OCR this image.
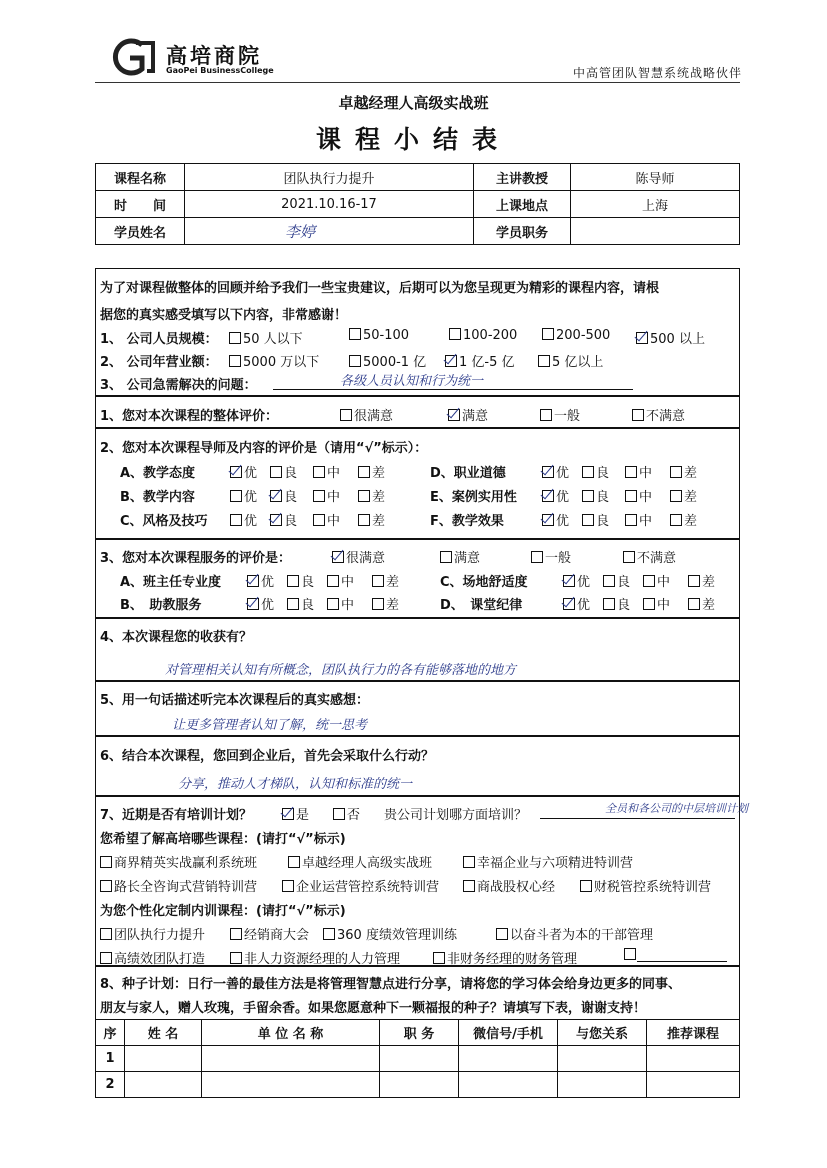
高培商院
GaoPei BusinessCollege	中高管团队智慧系统战略伙伴
卓越经理人高级实战班
课程小结表
课程名称	团队执行力提升	主讲教授	陈导师
时　　间	2021.10.16-17	上课地点	上海
学员姓名	李婷	学员职务	
为了对课程做整体的回顾并给予我们一些宝贵建议，后期可以为您呈现更为精彩的课程内容，请根
据您的真实感受填写以下内容，非常感谢！
1、 公司人员规模：	50 人以下	50-100	100-200	200-500	500 以上
2、 公司年营业额：	5000 万以下	5000-1 亿	1 亿-5 亿	5 亿以上
3、 公司急需解决的问题：	各级人员认知和行为统一
1、您对本次课程的整体评价：	很满意	满意	一般	不满意
2、您对本次课程导师及内容的评价是（请用“√”标示）：
A、教学态度	优	良	中	差
B、教学内容	优	良	中	差
C、风格及技巧	优	良	中	差
D、职业道德	优	良	中	差
E、案例实用性	优	良	中	差
F、教学效果	优	良	中	差
3、您对本次课程服务的评价是：	很满意	满意	一般	不满意
A、班主任专业度	优	良	中	差
B、　助教服务	优	良	中	差
C、场地舒适度	优	良	中	差
D、　课堂纪律	优	良	中	差
4、本次课程您的收获有？
对管理相关认知有所概念，团队执行力的各有能够落地的地方
5、用一句话描述听完本次课程后的真实感想：
让更多管理者认知了解，统一思考
6、结合本次课程，您回到企业后，首先会采取什么行动？
分享，推动人才梯队，认知和标准的统一
7、近期是否有培训计划？	是	否 贵公司计划哪方面培训？	全员和各公司的中层培训计划
您希望了解高培哪些课程：(请打“√”标示)
商界精英实战赢利系统班	卓越经理人高级实战班	幸福企业与六项精进特训营
路长全咨询式营销特训营	企业运营管控系统特训营	商战股权心经	财税管控系统特训营
为您个性化定制内训课程：(请打“√”标示)
团队执行力提升	经销商大会	360 度绩效管理训练	以奋斗者为本的干部管理
高绩效团队打造	非人力资源经理的人力管理	非财务经理的财务管理
8、种子计划：日行一善的最佳方法是将管理智慧点进行分享，请将您的学习体会给身边更多的同事、
朋友与家人，赠人玫瑰，手留余香。如果您愿意种下一颗福报的种子？请填写下表，谢谢支持！
序	姓 名	单 位 名 称	职 务	微信号/手机	与您关系	推荐课程
1						
2						
